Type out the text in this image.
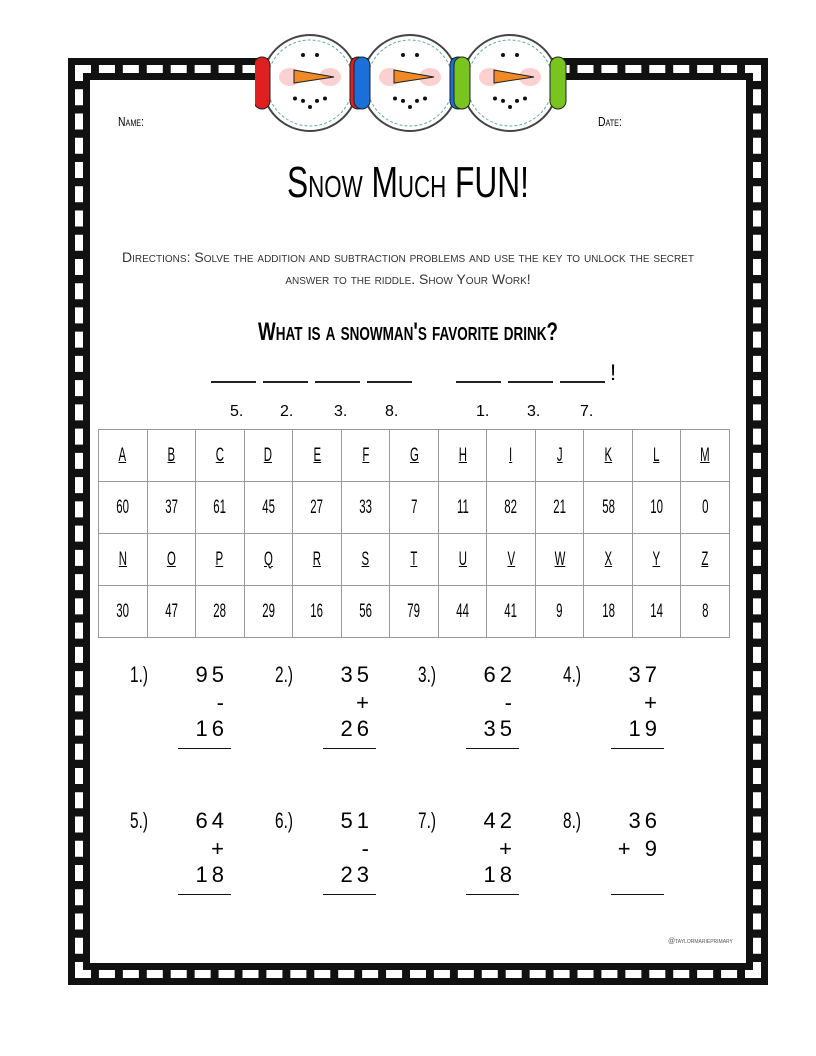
Name:	Date:
Snow Much FUN!
Directions: Solve the addition and subtraction problems and use the key to unlock the secret answer to the riddle. Show Your Work!
What is a snowman's favorite drink?
5. 2.	3. 8.	1. 3. 7.
!
A	B	C	D	E	F	G	H	I	J	K	L	M
60	37	61	45	27	33	7	11	82	21	58	10	0
N	O	P	Q	R	S	T	U	V	W	X	Y	Z
30	47	28	29	16	56	79	44	41	9	18	14	8
1.)	95
- 16
2.)	35
+ 26
3.)	62
- 35
4.)	37
+ 19
5.)	64
+ 18
6.)	51
- 23
7.)	42
+ 18
8.)	36
+ 9
@taylormarieprimary
